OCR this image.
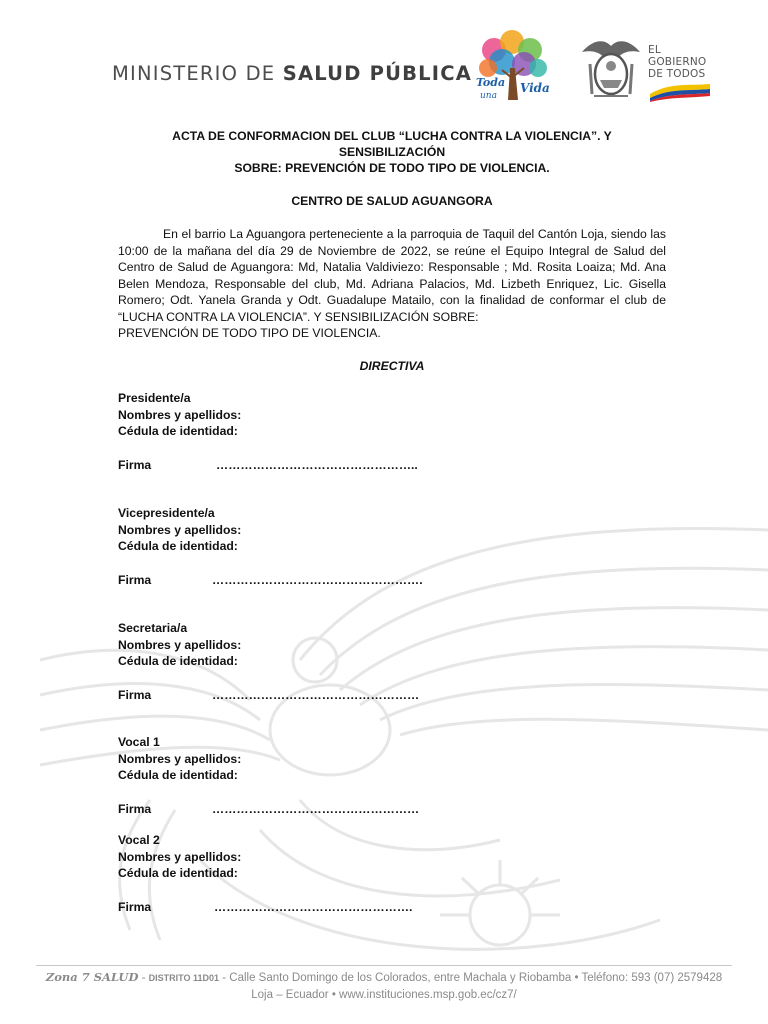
MINISTERIO DE SALUD PÚBLICA Toda
una
Vida
EL
GOBIERNO
DE TODOS

ACTA DE CONFORMACION DEL CLUB “LUCHA CONTRA LA VIOLENCIA”. Y SENSIBILIZACIÓN
SOBRE: PREVENCIÓN DE TODO TIPO DE VIOLENCIA.

CENTRO DE SALUD AGUANGORA

En el barrio La Aguangora perteneciente a la parroquia de Taquil del Cantón Loja, siendo las 10:00 de la mañana del día 29 de Noviembre de 2022, se reúne el Equipo Integral de Salud del Centro de Salud de Aguangora: Md, Natalia Valdiviezo: Responsable ; Md. Rosita Loaiza; Md. Ana Belen Mendoza, Responsable del club, Md. Adriana Palacios, Md. Lizbeth Enriquez, Lic. Gisella Romero; Odt. Yanela Granda y Odt. Guadalupe Matailo, con la finalidad de conformar el club de “LUCHA CONTRA LA VIOLENCIA”. Y SENSIBILIZACIÓN SOBRE:

PREVENCIÓN DE TODO TIPO DE VIOLENCIA.

DIRECTIVA

Presidente/a

Nombres y apellidos:

Cédula de identidad:

Firma	…………………………………………..

Vicepresidente/a

Nombres y apellidos:

Cédula de identidad:

Firma	…………………………………………….

Secretaria/a

Nombres y apellidos:

Cédula de identidad:

Firma	……………………………………………

Vocal 1

Nombres y apellidos:

Cédula de identidad:

Firma	……………………………………………

Vocal 2

Nombres y apellidos:

Cédula de identidad:

Firma	………………………………………….
Zona 7 SALUD - DISTRITO 11D01 - Calle Santo Domingo de los Colorados, entre Machala y Riobamba • Teléfono: 593 (07) 2579428
Loja – Ecuador • www.instituciones.msp.gob.ec/cz7/
